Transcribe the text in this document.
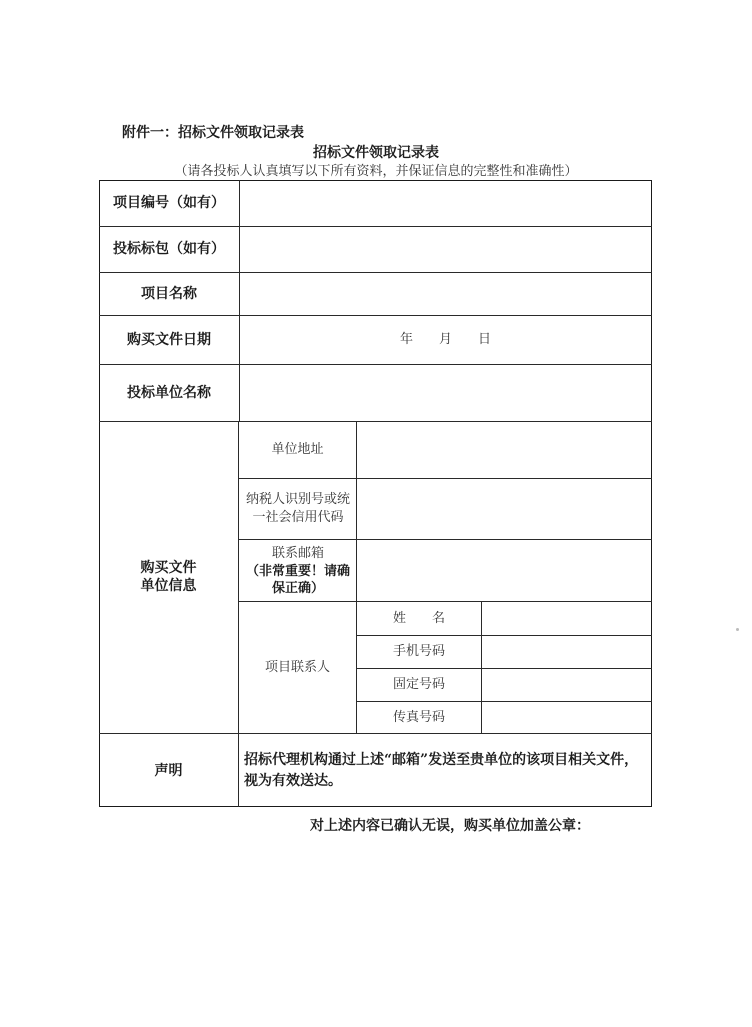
附件一：招标文件领取记录表
招标文件领取记录表
（请各投标人认真填写以下所有资料，并保证信息的完整性和准确性）
项目编号（如有）
投标标包（如有）
项目名称
购买文件日期	年　　月　　日
投标单位名称
购买文件
单位信息
单位地址
纳税人识别号或统一社会信用代码
联系邮箱
（非常重要！请确保正确）
项目联系人
姓　　名
手机号码
固定号码
传真号码
声明
招标代理机构通过上述“邮箱”发送至贵单位的该项目相关文件，视为有效送达。
对上述内容已确认无误，购买单位加盖公章：
